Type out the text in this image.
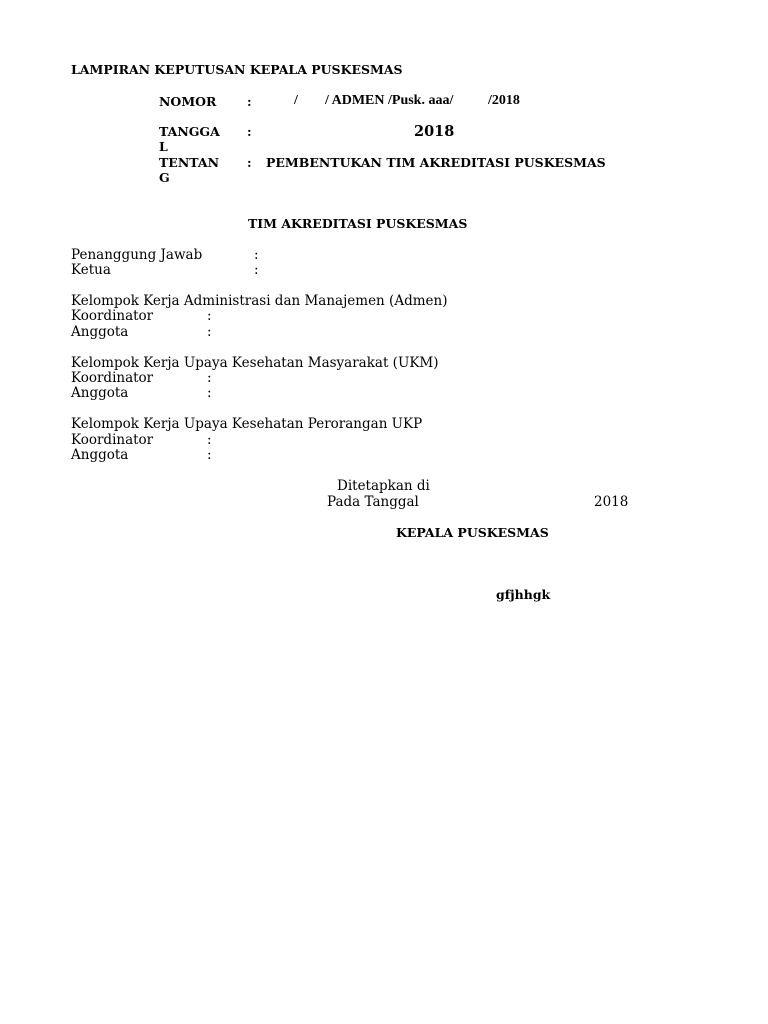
LAMPIRAN KEPUTUSAN KEPALA PUSKESMAS
NOMOR :	/ / ADMEN /Pusk. aaa/ /2018
TANGGA
L
:	2018
TENTAN
G
: PEMBENTUKAN TIM AKREDITASI PUSKESMAS
TIM AKREDITASI PUSKESMAS
Penanggung Jawab	:
Ketua	:
Kelompok Kerja Administrasi dan Manajemen (Admen)
Koordinator	:
Anggota	:
Kelompok Kerja Upaya Kesehatan Masyarakat (UKM)
Koordinator	:
Anggota	:
Kelompok Kerja Upaya Kesehatan Perorangan UKP
Koordinator	:
Anggota	:
Ditetapkan di
Pada Tanggal	2018
KEPALA PUSKESMAS
gfjhhgk
